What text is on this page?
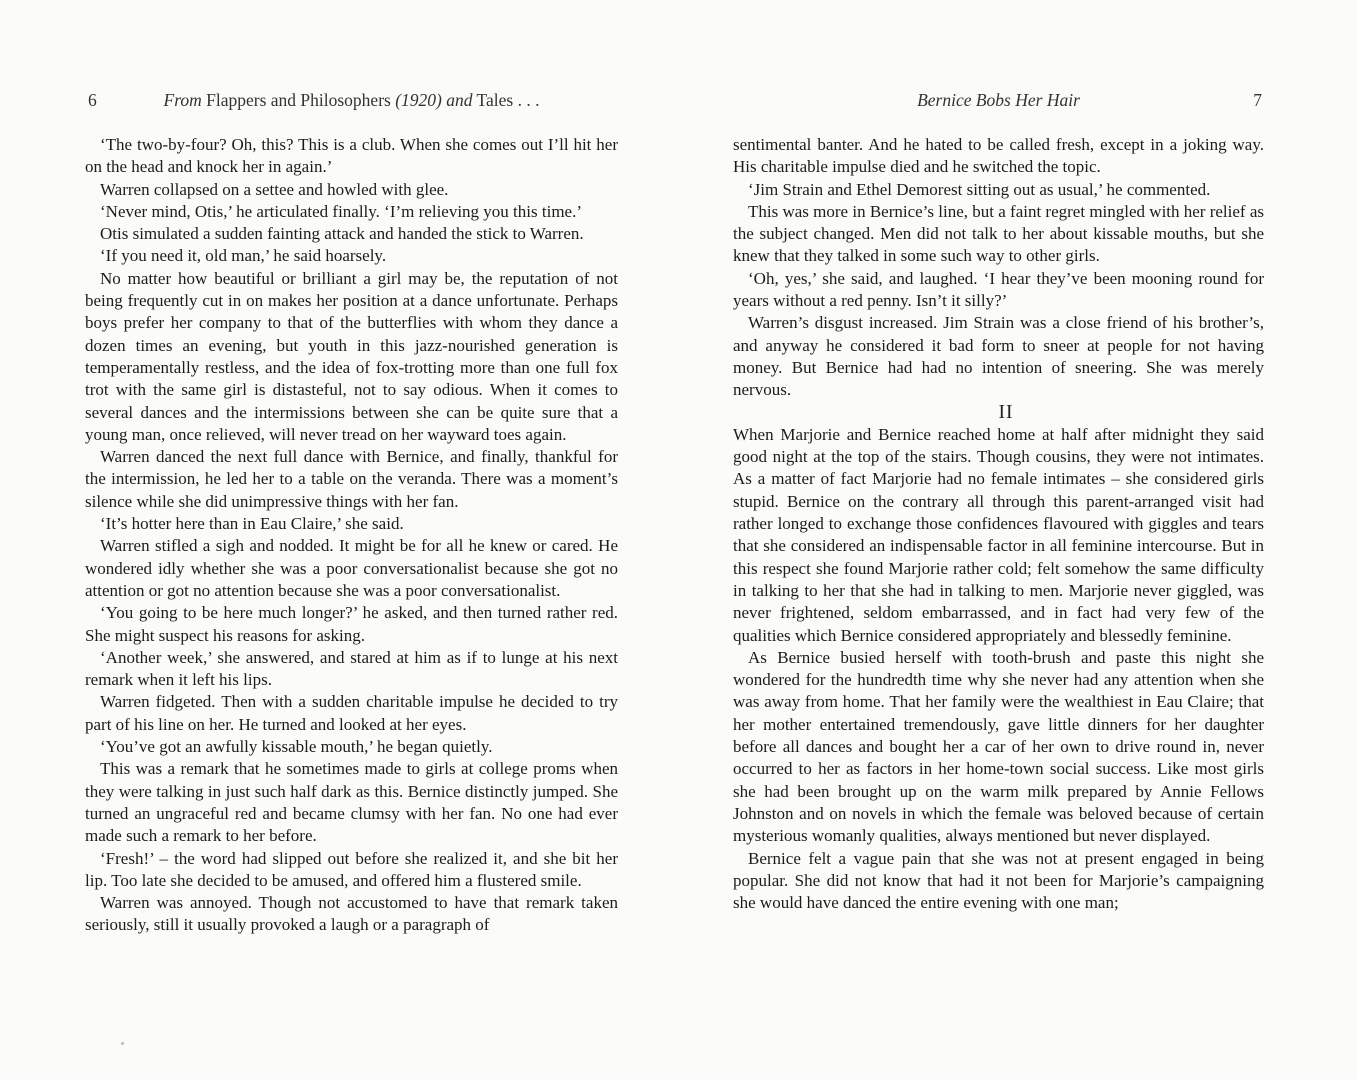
6	From Flappers and Philosophers (1920) and Tales . . .

‘The two-by-four? Oh, this? This is a club. When she comes out I’ll hit her on the head and knock her in again.’

Warren collapsed on a settee and howled with glee.

‘Never mind, Otis,’ he articulated finally. ‘I’m relieving you this time.’

Otis simulated a sudden fainting attack and handed the stick to Warren.

‘If you need it, old man,’ he said hoarsely.

No matter how beautiful or brilliant a girl may be, the reputation of not being frequently cut in on makes her position at a dance unfortunate. Perhaps boys prefer her company to that of the butterflies with whom they dance a dozen times an evening, but youth in this jazz-nourished generation is temperamentally restless, and the idea of fox-trotting more than one full fox trot with the same girl is distasteful, not to say odious. When it comes to several dances and the intermissions between she can be quite sure that a young man, once relieved, will never tread on her wayward toes again.

Warren danced the next full dance with Bernice, and finally, thankful for the intermission, he led her to a table on the veranda. There was a moment’s silence while she did unimpressive things with her fan.

‘It’s hotter here than in Eau Claire,’ she said.

Warren stifled a sigh and nodded. It might be for all he knew or cared. He wondered idly whether she was a poor conversationalist because she got no attention or got no attention because she was a poor conversationalist.

‘You going to be here much longer?’ he asked, and then turned rather red. She might suspect his reasons for asking.

‘Another week,’ she answered, and stared at him as if to lunge at his next remark when it left his lips.

Warren fidgeted. Then with a sudden charitable impulse he decided to try part of his line on her. He turned and looked at her eyes.

‘You’ve got an awfully kissable mouth,’ he began quietly.

This was a remark that he sometimes made to girls at college proms when they were talking in just such half dark as this. Bernice distinctly jumped. She turned an ungraceful red and became clumsy with her fan. No one had ever made such a remark to her before.

‘Fresh!’ – the word had slipped out before she realized it, and she bit her lip. Too late she decided to be amused, and offered him a flustered smile.

Warren was annoyed. Though not accustomed to have that remark taken seriously, still it usually provoked a laugh or a paragraph of

Bernice Bobs Her Hair	7

sentimental banter. And he hated to be called fresh, except in a joking way. His charitable impulse died and he switched the topic.

‘Jim Strain and Ethel Demorest sitting out as usual,’ he commented.

This was more in Bernice’s line, but a faint regret mingled with her relief as the subject changed. Men did not talk to her about kissable mouths, but she knew that they talked in some such way to other girls.

‘Oh, yes,’ she said, and laughed. ‘I hear they’ve been mooning round for years without a red penny. Isn’t it silly?’

Warren’s disgust increased. Jim Strain was a close friend of his brother’s, and anyway he considered it bad form to sneer at people for not having money. But Bernice had had no intention of sneering. She was merely nervous.

II

When Marjorie and Bernice reached home at half after midnight they said good night at the top of the stairs. Though cousins, they were not intimates. As a matter of fact Marjorie had no female intimates – she considered girls stupid. Bernice on the contrary all through this parent-arranged visit had rather longed to exchange those confidences flavoured with giggles and tears that she considered an indispensable factor in all feminine intercourse. But in this respect she found Marjorie rather cold; felt somehow the same difficulty in talking to her that she had in talking to men. Marjorie never giggled, was never frightened, seldom embarrassed, and in fact had very few of the qualities which Bernice considered appropriately and blessedly feminine.

As Bernice busied herself with tooth-brush and paste this night she wondered for the hundredth time why she never had any attention when she was away from home. That her family were the wealthiest in Eau Claire; that her mother entertained tremendously, gave little dinners for her daughter before all dances and bought her a car of her own to drive round in, never occurred to her as factors in her home-town social success. Like most girls she had been brought up on the warm milk prepared by Annie Fellows Johnston and on novels in which the female was beloved because of certain mysterious womanly qualities, always mentioned but never displayed.

Bernice felt a vague pain that she was not at present engaged in being popular. She did not know that had it not been for Marjorie’s campaigning she would have danced the entire evening with one man;
